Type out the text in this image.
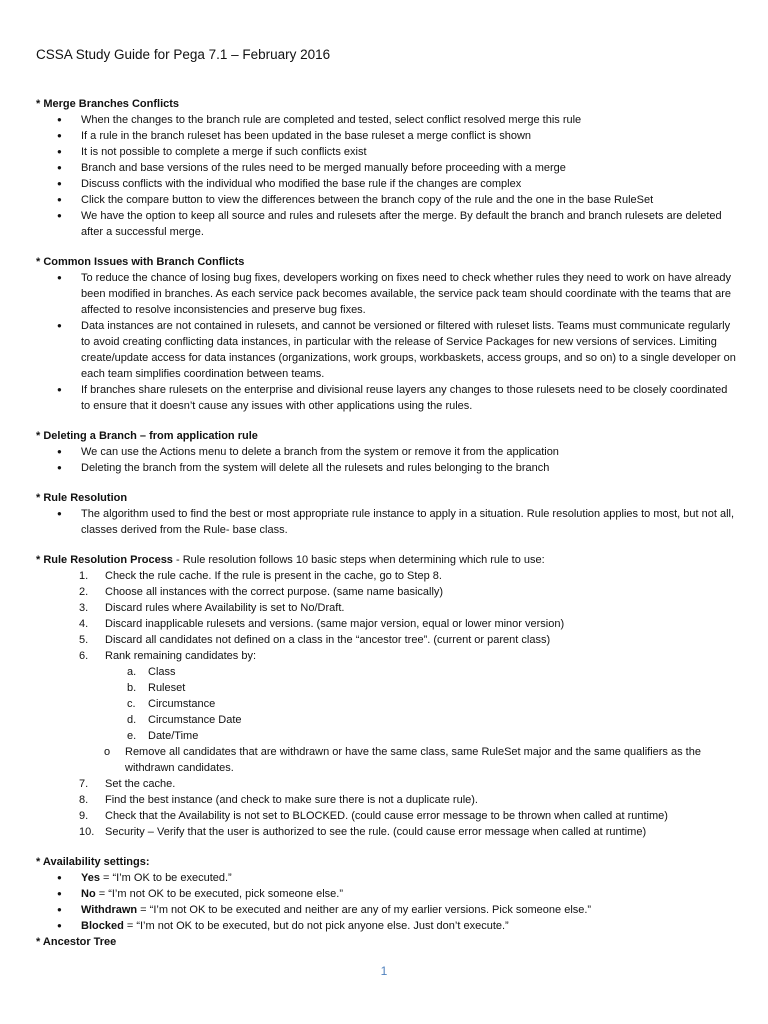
CSSA Study Guide for Pega 7.1 – February 2016
* Merge Branches Conflicts
● When the changes to the branch rule are completed and tested, select conflict resolved merge this rule
● If a rule in the branch ruleset has been updated in the base ruleset a merge conflict is shown
● It is not possible to complete a merge if such conflicts exist
● Branch and base versions of the rules need to be merged manually before proceeding with a merge
● Discuss conflicts with the individual who modified the base rule if the changes are complex
● Click the compare button to view the differences between the branch copy of the rule and the one in the base RuleSet
● We have the option to keep all source and rules and rulesets after the merge. By default the branch and branch rulesets are deleted after a successful merge.
* Common Issues with Branch Conflicts
● To reduce the chance of losing bug fixes, developers working on fixes need to check whether rules they need to work on have already been modified in branches. As each service pack becomes available, the service pack team should coordinate with the teams that are affected to resolve inconsistencies and preserve bug fixes.
● Data instances are not contained in rulesets, and cannot be versioned or filtered with ruleset lists. Teams must communicate regularly to avoid creating conflicting data instances, in particular with the release of Service Packages for new versions of services. Limiting create/update access for data instances (organizations, work groups, workbaskets, access groups, and so on) to a single developer on each team simplifies coordination between teams.
● If branches share rulesets on the enterprise and divisional reuse layers any changes to those rulesets need to be closely coordinated to ensure that it doesn’t cause any issues with other applications using the rules.
* Deleting a Branch – from application rule
● We can use the Actions menu to delete a branch from the system or remove it from the application
● Deleting the branch from the system will delete all the rulesets and rules belonging to the branch
* Rule Resolution
● The algorithm used to find the best or most appropriate rule instance to apply in a situation. Rule resolution applies to most, but not all, classes derived from the Rule- base class.
* Rule Resolution Process - Rule resolution follows 10 basic steps when determining which rule to use:
1. Check the rule cache. If the rule is present in the cache, go to Step 8.
2. Choose all instances with the correct purpose. (same name basically)
3. Discard rules where Availability is set to No/Draft.
4. Discard inapplicable rulesets and versions. (same major version, equal or lower minor version)
5. Discard all candidates not defined on a class in the “ancestor tree”. (current or parent class)
6. Rank remaining candidates by:
a. Class
b. Ruleset
c. Circumstance
d. Circumstance Date
e. Date/Time
o Remove all candidates that are withdrawn or have the same class, same RuleSet major and the same qualifiers as the withdrawn candidates.
7. Set the cache.
8. Find the best instance (and check to make sure there is not a duplicate rule).
9. Check that the Availability is not set to BLOCKED. (could cause error message to be thrown when called at runtime)
10. Security – Verify that the user is authorized to see the rule. (could cause error message when called at runtime)
* Availability settings:
● Yes = “I’m OK to be executed.”
● No = “I’m not OK to be executed, pick someone else.”
● Withdrawn = “I’m not OK to be executed and neither are any of my earlier versions. Pick someone else.”
● Blocked = “I’m not OK to be executed, but do not pick anyone else. Just don’t execute.”
* Ancestor Tree
1
